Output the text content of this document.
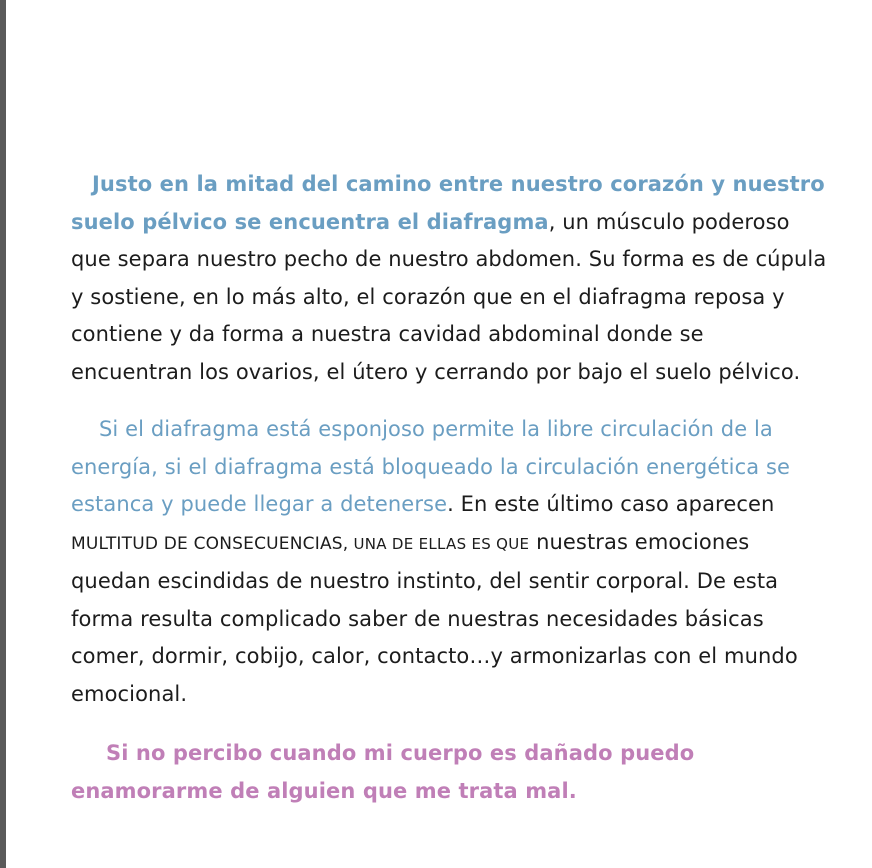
Justo en la mitad del camino entre nuestro corazón y nuestro suelo pélvico se encuentra el diafragma, un músculo poderoso que separa nuestro pecho de nuestro abdomen. Su forma es de cúpula y sostiene, en lo más alto, el corazón que en el diafragma reposa y contiene y da forma a nuestra cavidad abdominal donde se encuentran los ovarios, el útero y cerrando por bajo el suelo pélvico.

Si el diafragma está esponjoso permite la libre circulación de la energía, si el diafragma está bloqueado la circulación energética se estanca y puede llegar a detenerse. En este último caso aparecen MULTITUD DE CONSECUENCIAS, UNA DE ELLAS ES QUE nuestras emociones quedan escindidas de nuestro instinto, del sentir corporal. De esta forma resulta complicado saber de nuestras necesidades básicas comer, dormir, cobijo, calor, contacto…y armonizarlas con el mundo emocional.

Si no percibo cuando mi cuerpo es dañado puedo enamorarme de alguien que me trata mal.
